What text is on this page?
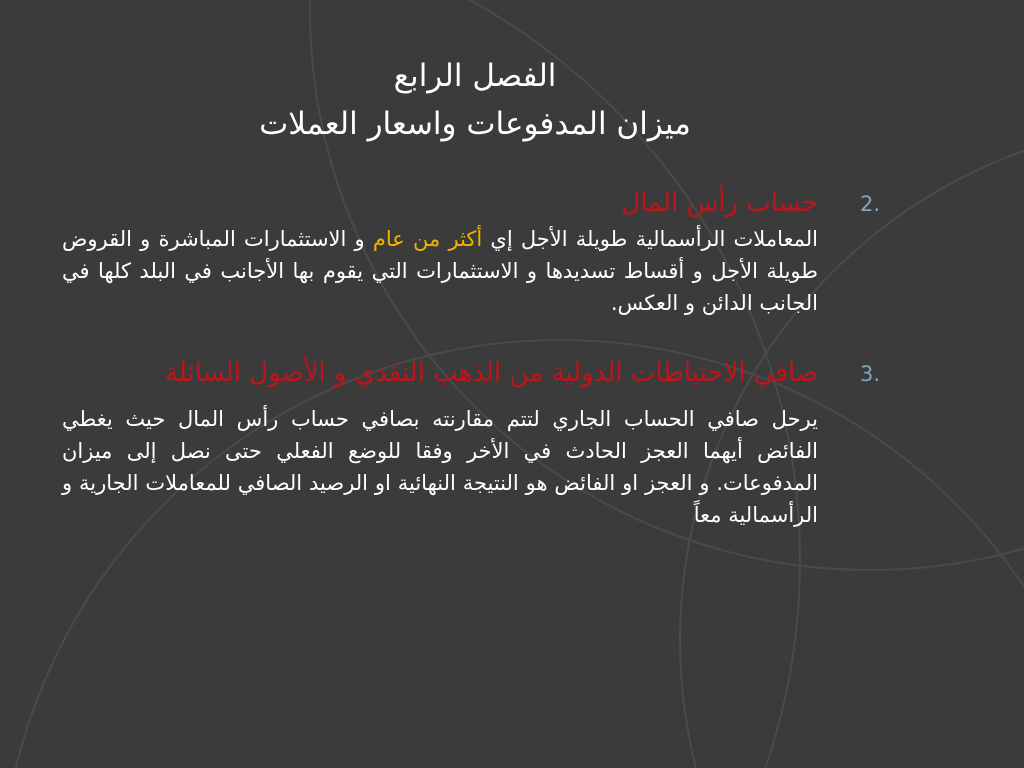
الفصل الرابع
ميزان المدفوعات واسعار العملات
2.
حساب رأس المال
المعاملات الرأسمالية طويلة الأجل إي أكثر من عام و الاستثمارات المباشرة و القروض طويلة الأجل و أقساط تسديدها و الاستثمارات التي يقوم بها الأجانب في البلد كلها في الجانب الدائن و العكس.
3.
صافي الاحتياطات الدولية من الذهب النقدي و الأصول السائلة
يرحل صافي الحساب الجاري لتتم مقارنته بصافي حساب رأس المال حيث يغطي الفائض أيهما العجز الحادث في الأخر وفقا للوضع الفعلي حتى نصل إلى ميزان المدفوعات. و العجز او الفائض هو النتيجة النهائية او الرصيد الصافي للمعاملات الجارية و الرأسمالية معاً
